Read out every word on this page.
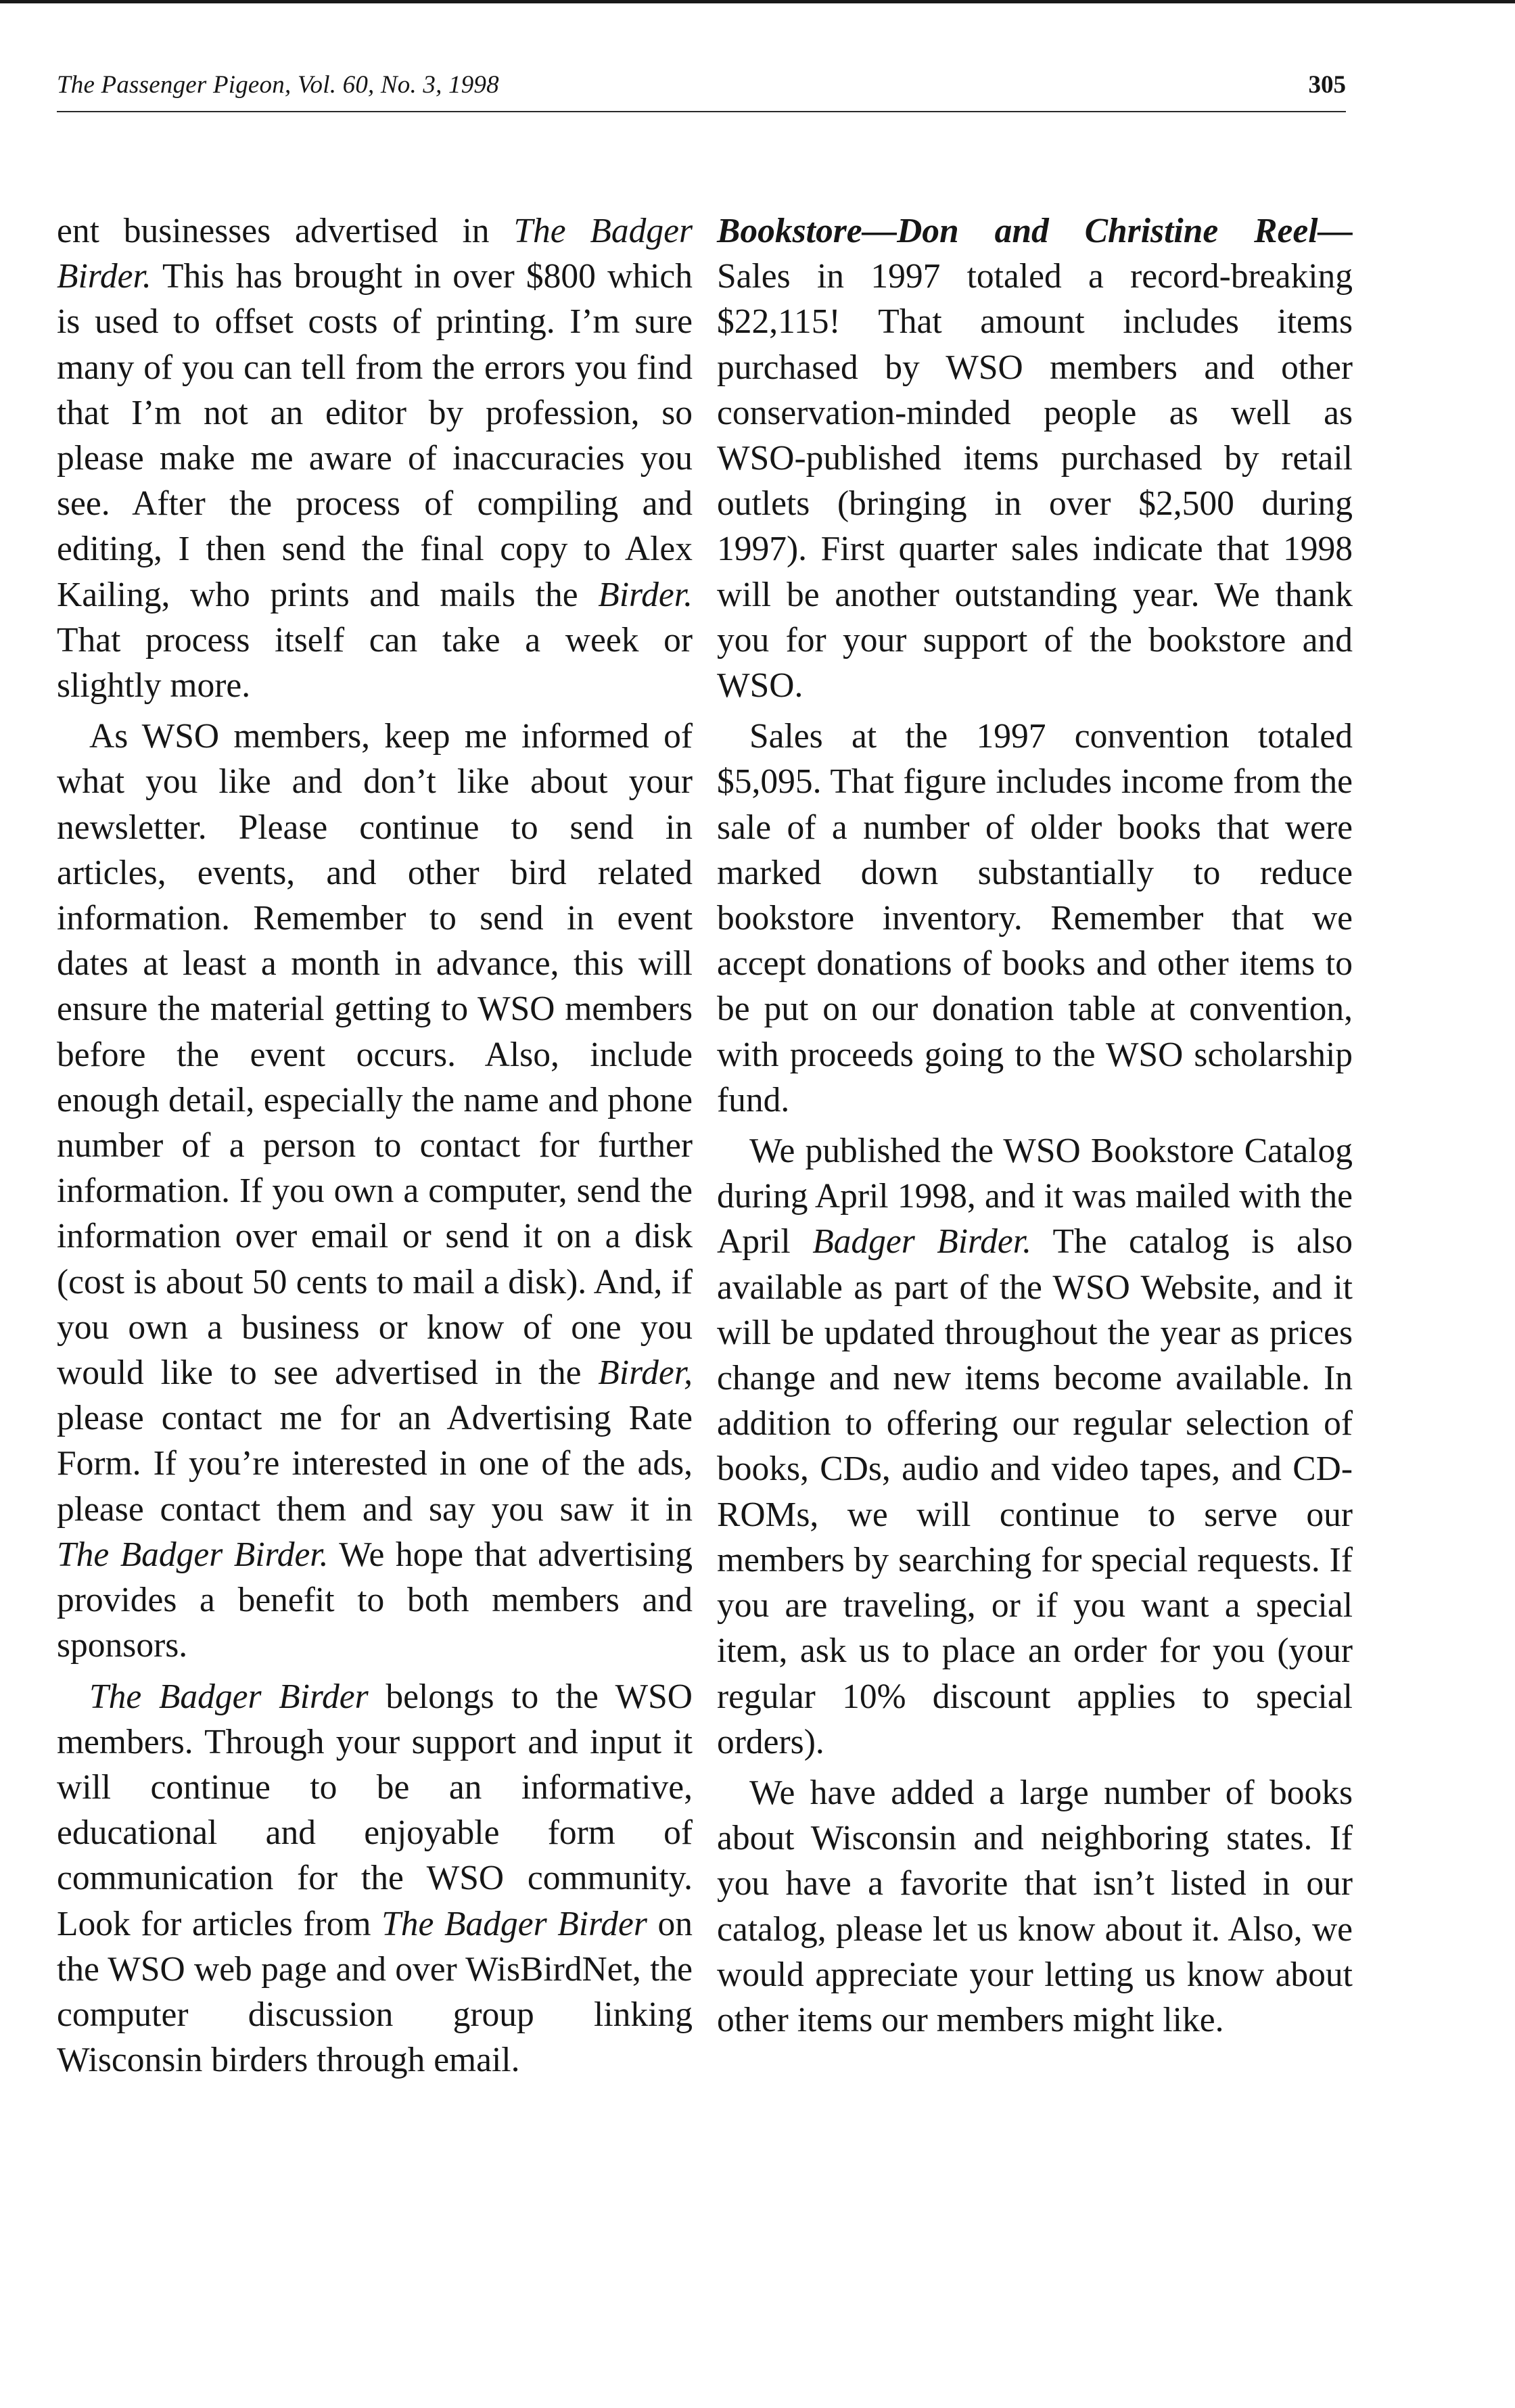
The Passenger Pigeon, Vol. 60, No. 3, 1998	305

ent businesses advertised in The Badger Birder. This has brought in over $800 which is used to offset costs of printing. I’m sure many of you can tell from the errors you find that I’m not an editor by profession, so please make me aware of inaccuracies you see. After the process of compiling and editing, I then send the final copy to Alex Kailing, who prints and mails the Birder. That process itself can take a week or slightly more.

As WSO members, keep me informed of what you like and don’t like about your newsletter. Please continue to send in articles, events, and other bird related information. Remember to send in event dates at least a month in advance, this will ensure the material getting to WSO members before the event occurs. Also, include enough detail, especially the name and phone number of a person to contact for further information. If you own a computer, send the information over email or send it on a disk (cost is about 50 cents to mail a disk). And, if you own a business or know of one you would like to see advertised in the Birder, please contact me for an Advertising Rate Form. If you’re interested in one of the ads, please contact them and say you saw it in The Badger Birder. We hope that advertising provides a benefit to both members and sponsors.

The Badger Birder belongs to the WSO members. Through your support and input it will continue to be an informative, educational and enjoyable form of communication for the WSO community. Look for articles from The Badger Birder on the WSO web page and over WisBirdNet, the computer discussion group linking Wisconsin birders through email.

Bookstore—Don and Christine Reel— Sales in 1997 totaled a record-breaking $22,115! That amount includes items purchased by WSO members and other conservation-minded people as well as WSO-published items purchased by retail outlets (bringing in over $2,500 during 1997). First quarter sales indicate that 1998 will be another outstanding year. We thank you for your support of the bookstore and WSO.

Sales at the 1997 convention totaled $5,095. That figure includes income from the sale of a number of older books that were marked down substantially to reduce bookstore inventory. Remember that we accept donations of books and other items to be put on our donation table at convention, with proceeds going to the WSO scholarship fund.

We published the WSO Bookstore Catalog during April 1998, and it was mailed with the April Badger Birder. The catalog is also available as part of the WSO Website, and it will be updated throughout the year as prices change and new items become available. In addition to offering our regular selection of books, CDs, audio and video tapes, and CD-ROMs, we will continue to serve our members by searching for special requests. If you are traveling, or if you want a special item, ask us to place an order for you (your regular 10% discount applies to special orders).

We have added a large number of books about Wisconsin and neighboring states. If you have a favorite that isn’t listed in our catalog, please let us know about it. Also, we would appreciate your letting us know about other items our members might like.
